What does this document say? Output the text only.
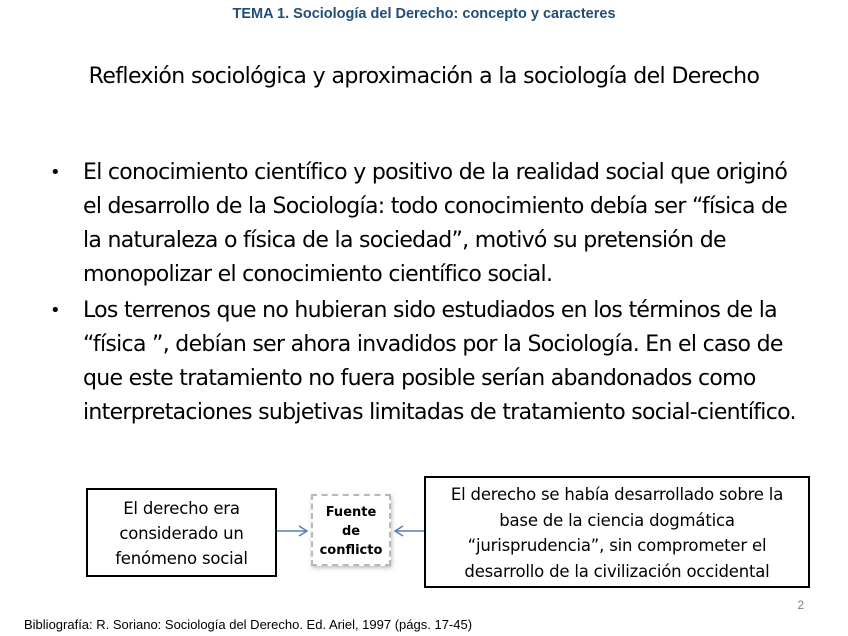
TEMA 1. Sociología del Derecho: concepto y caracteres
Reflexión sociológica y aproximación a la sociología del Derecho
• El conocimiento científico y positivo de la realidad social que originó el desarrollo de la Sociología: todo conocimiento debía ser “física de la naturaleza o física de la sociedad”, motivó su pretensión de monopolizar el conocimiento científico social.
• Los terrenos que no hubieran sido estudiados en los términos de la “física ”, debían ser ahora invadidos por la Sociología. En el caso de que este tratamiento no fuera posible serían abandonados como interpretaciones subjetivas limitadas de tratamiento social-científico.
El derecho era
considerado un
fenómeno social
Fuente
de
conflicto
El derecho se había desarrollado sobre la
base de la ciencia dogmática
“jurisprudencia”, sin comprometer el
desarrollo de la civilización occidental
2
Bibliografía: R. Soriano: Sociología del Derecho. Ed. Ariel, 1997 (págs. 17-45)
